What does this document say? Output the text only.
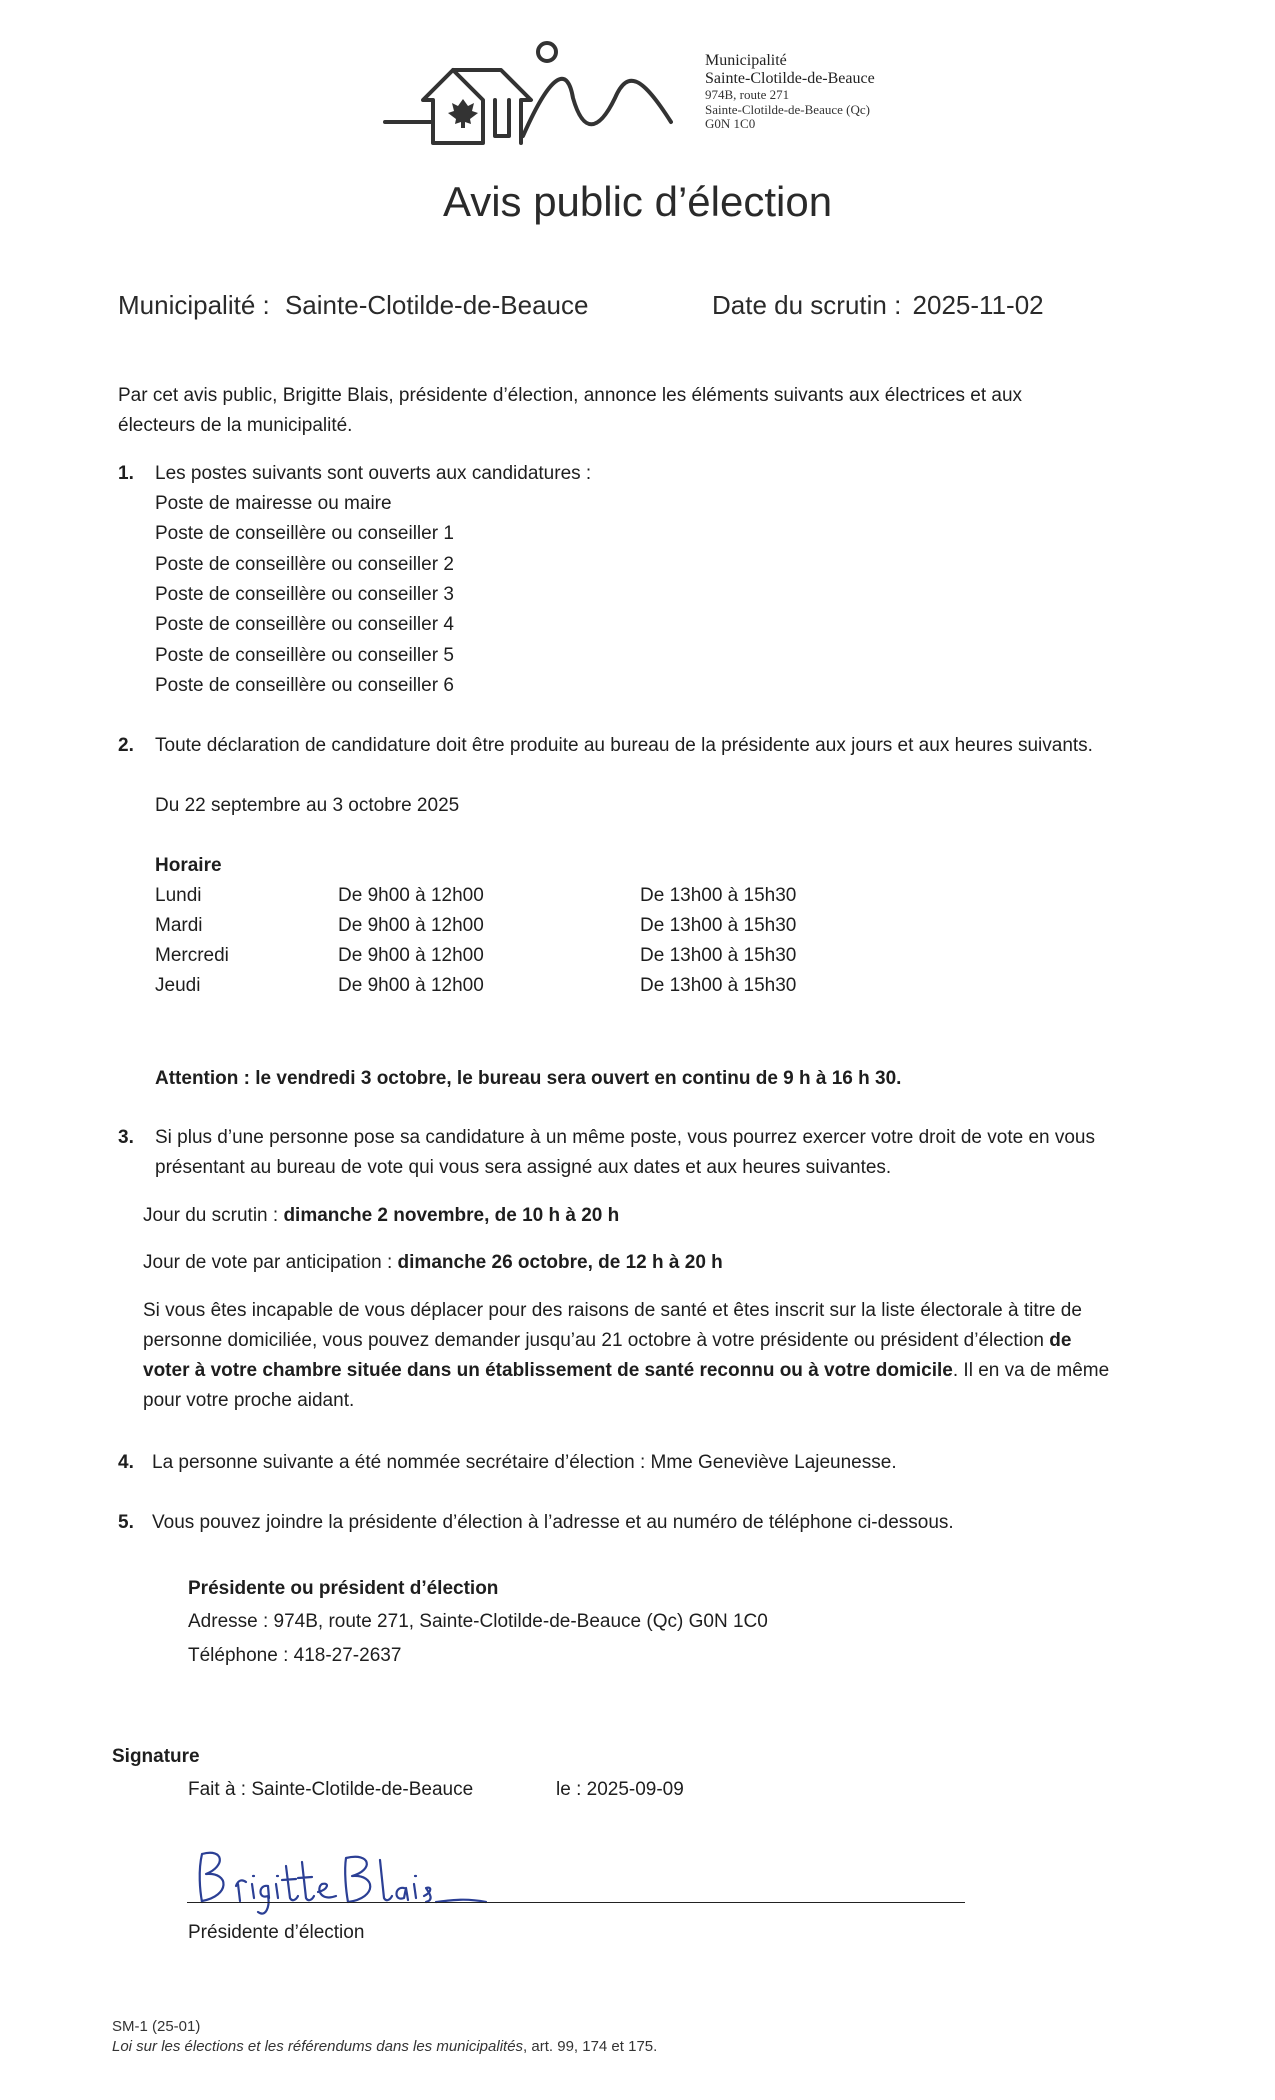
Municipalité
Sainte-Clotilde-de-Beauce
974B, route 271
Sainte-Clotilde-de-Beauce (Qc)
G0N 1C0
Avis public d’élection
Municipalité : Sainte-Clotilde-de-Beauce	Date du scrutin : 2025-11-02
Par cet avis public, Brigitte Blais, présidente d’élection, annonce les éléments suivants aux électrices et aux
électeurs de la municipalité.
1. Les postes suivants sont ouverts aux candidatures :
Poste de mairesse ou maire
Poste de conseillère ou conseiller 1
Poste de conseillère ou conseiller 2
Poste de conseillère ou conseiller 3
Poste de conseillère ou conseiller 4
Poste de conseillère ou conseiller 5
Poste de conseillère ou conseiller 6
2. Toute déclaration de candidature doit être produite au bureau de la présidente aux jours et aux heures suivants.
Du 22 septembre au 3 octobre 2025
Horaire
Lundi	De 9h00 à 12h00	De 13h00 à 15h30
Mardi	De 9h00 à 12h00	De 13h00 à 15h30
Mercredi	De 9h00 à 12h00	De 13h00 à 15h30
Jeudi	De 9h00 à 12h00	De 13h00 à 15h30
Attention : le vendredi 3 octobre, le bureau sera ouvert en continu de 9 h à 16 h 30.
3. Si plus d’une personne pose sa candidature à un même poste, vous pourrez exercer votre droit de vote en vous
présentant au bureau de vote qui vous sera assigné aux dates et aux heures suivantes.
Jour du scrutin : dimanche 2 novembre, de 10 h à 20 h
Jour de vote par anticipation : dimanche 26 octobre, de 12 h à 20 h
Si vous êtes incapable de vous déplacer pour des raisons de santé et êtes inscrit sur la liste électorale à titre de
personne domiciliée, vous pouvez demander jusqu’au 21 octobre à votre présidente ou président d’élection de
voter à votre chambre située dans un établissement de santé reconnu ou à votre domicile. Il en va de même
pour votre proche aidant.
4. La personne suivante a été nommée secrétaire d’élection : Mme Geneviève Lajeunesse.
5. Vous pouvez joindre la présidente d’élection à l’adresse et au numéro de téléphone ci-dessous.
Présidente ou président d’élection
Adresse : 974B, route 271, Sainte-Clotilde-de-Beauce (Qc) G0N 1C0
Téléphone : 418-27-2637
Signature
Fait à : Sainte-Clotilde-de-Beauce	le : 2025-09-09
Présidente d’élection
SM-1 (25-01)
Loi sur les élections et les référendums dans les municipalités, art. 99, 174 et 175.
